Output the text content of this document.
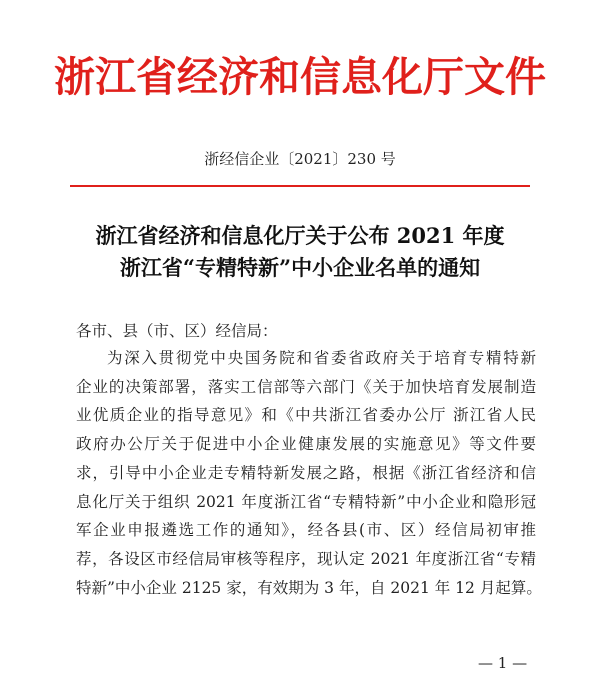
浙江省经济和信息化厅文件
浙经信企业〔2021〕230 号
浙江省经济和信息化厅关于公布 2021 年度
浙江省“专精特新”中小企业名单的通知
各市、县（市、区）经信局：
为深入贯彻党中央国务院和省委省政府关于培育专精特新
企业的决策部署，落实工信部等六部门《关于加快培育发展制造
业优质企业的指导意见》和《中共浙江省委办公厅 浙江省人民
政府办公厅关于促进中小企业健康发展的实施意见》等文件要
求，引导中小企业走专精特新发展之路，根据《浙江省经济和信
息化厅关于组织 2021 年度浙江省“专精特新”中小企业和隐形冠
军企业申报遴选工作的通知》，经各县(市、区）经信局初审推
荐，各设区市经信局审核等程序，现认定 2021 年度浙江省“专精
特新”中小企业 2125 家，有效期为 3 年，自 2021 年 12 月起算。
— 1 —
